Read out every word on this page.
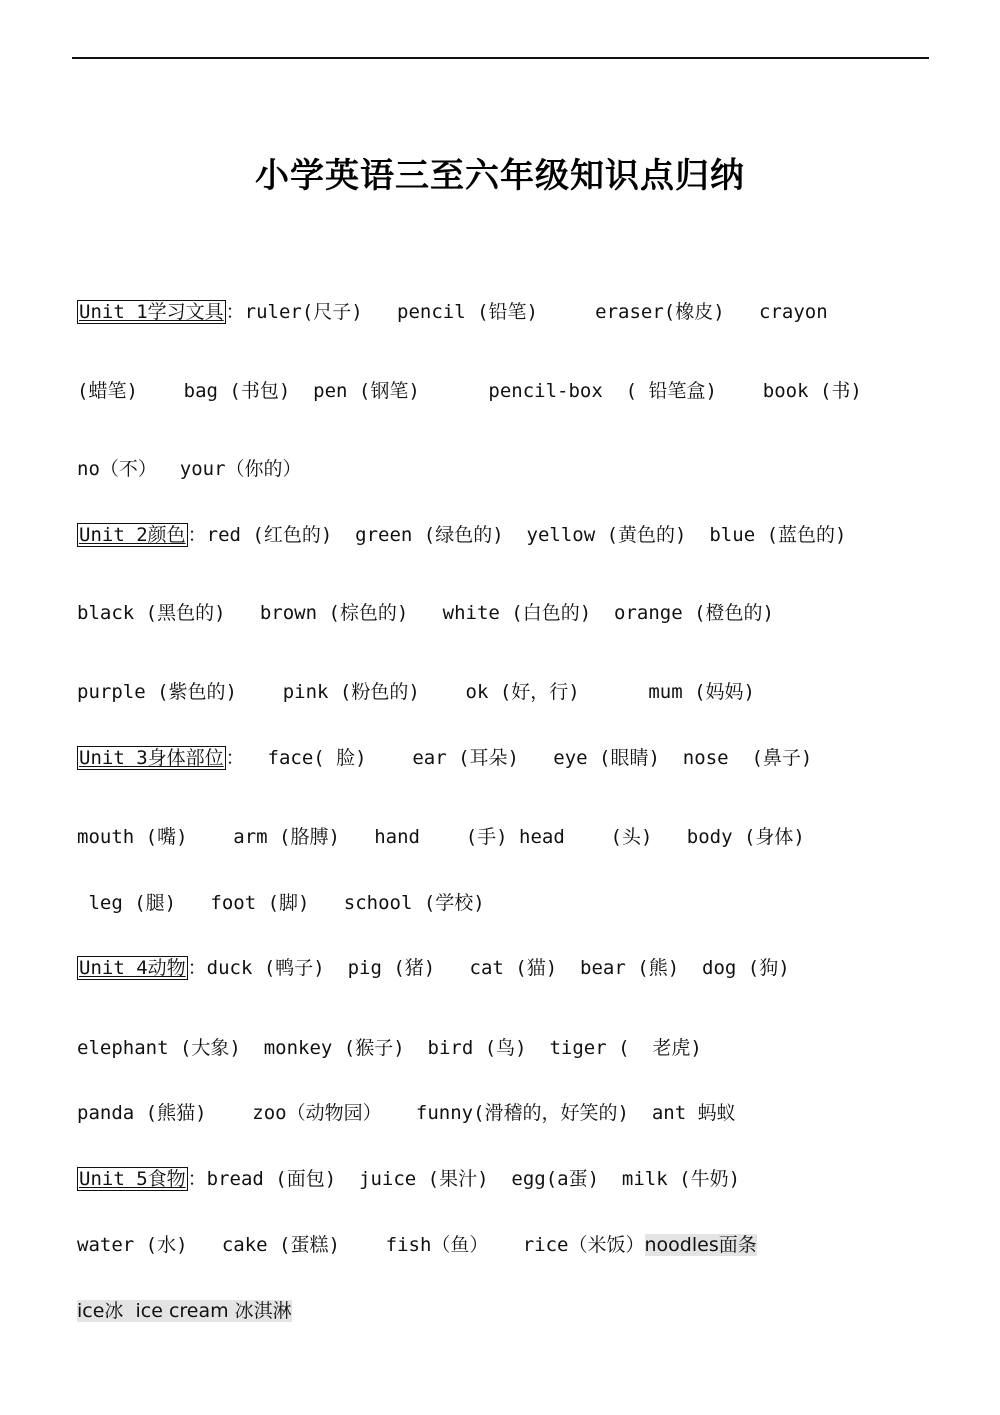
小学英语三至六年级知识点归纳
Unit 1学习文具 ：ruler(尺子)   pencil (铅笔)     eraser(橡皮)   crayon
(蜡笔)    bag (书包)  pen (钢笔)      pencil-box  ( 铅笔盒)    book (书)
no（不）  your（你的）
Unit 2颜色 ：red (红色的)  green (绿色的)  yellow (黄色的)  blue (蓝色的)
black (黑色的)   brown (棕色的)   white (白色的)  orange (橙色的)
purple (紫色的)    pink (粉色的)    ok (好，行)      mum (妈妈)
Unit 3身体部位 ：  face( 脸)    ear (耳朵)   eye (眼睛)  nose  (鼻子)
mouth (嘴)    arm (胳膊)   hand    (手) head    (头)   body (身体)
leg (腿)   foot (脚)   school (学校)
Unit 4动物 ：duck (鸭子)  pig (猪)   cat (猫)  bear (熊)  dog (狗)
elephant (大象)  monkey (猴子)  bird (鸟)  tiger (  老虎)
panda (熊猫)    zoo（动物园）   funny(滑稽的，好笑的)  ant 蚂蚁
Unit 5食物 ：bread (面包)  juice (果汁)  egg(a蛋)  milk (牛奶)
water (水)   cake (蛋糕)    fish（鱼）   rice（米饭）noodles面条
ice冰  ice cream 冰淇淋
